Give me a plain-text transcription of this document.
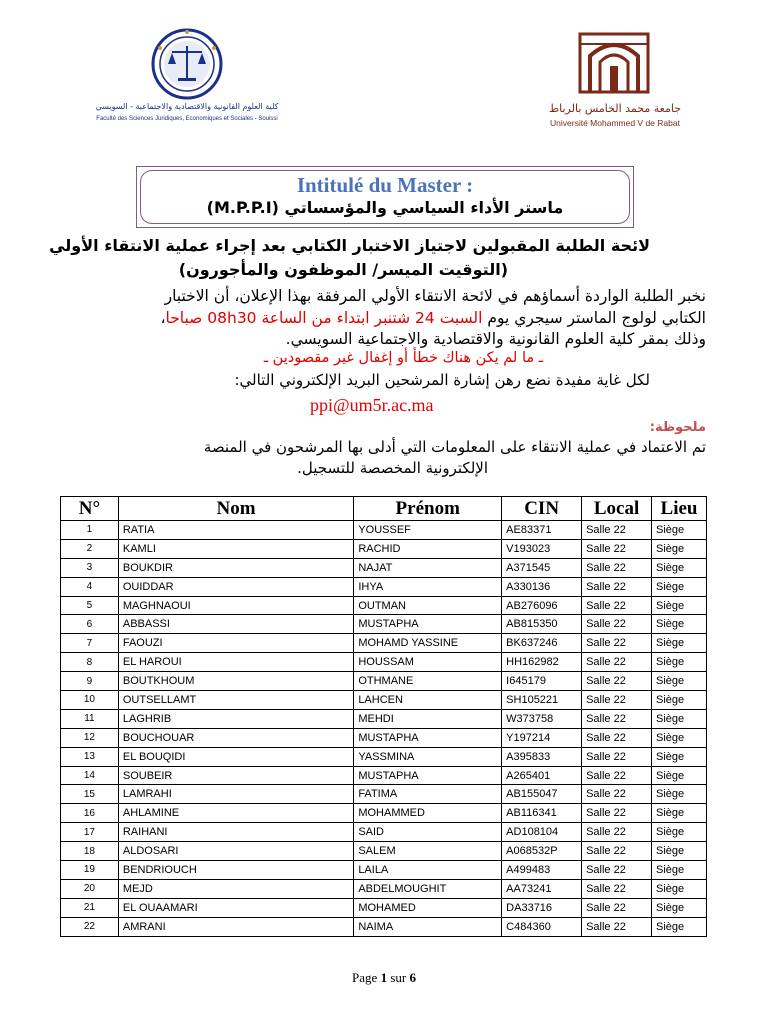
كلية العلوم القانونية والاقتصادية والاجتماعية - السويسي
Faculté des Sciences Juridiques, Economiques et Sociales - Souissi
جامعة محمد الخامس بالرباط
Université Mohammed V de Rabat
Intitulé du Master :
ماستر الأداء السياسي والمؤسساتي (M.P.P.I)
لائحة الطلبة المقبولين لاجتياز الاختبار الكتابي بعد إجراء عملية الانتقاء الأولي
(التوقيت الميسر/ الموظفون والمأجورون)
نخبر الطلبة الواردة أسماؤهم في لائحة الانتقاء الأولي المرفقة بهذا الإعلان، أن الاختبار
الكتابي لولوج الماستر سيجري يوم السبت 24 شتنبر ابتداء من الساعة 08h30 صباحا،
وذلك بمقر كلية العلوم القانونية والاقتصادية والاجتماعية السويسي.
ـ ما لم يكن هناك خطأ أو إغفال غير مقصودين ـ
لكل غاية مفيدة نضع رهن إشارة المرشحين البريد الإلكتروني التالي:
ppi@um5r.ac.ma
ملحوظة:
تم الاعتماد في عملية الانتقاء على المعلومات التي أدلى بها المرشحون في المنصة
الإلكترونية المخصصة للتسجيل.
N°	Nom	Prénom	CIN	Local	Lieu
1	RATIA	YOUSSEF	AE83371	Salle 22	Siège
2	KAMLI	RACHID	V193023	Salle 22	Siège
3	BOUKDIR	NAJAT	A371545	Salle 22	Siège
4	OUIDDAR	IHYA	A330136	Salle 22	Siège
5	MAGHNAOUI	OUTMAN	AB276096	Salle 22	Siège
6	ABBASSI	MUSTAPHA	AB815350	Salle 22	Siège
7	FAOUZI	MOHAMD YASSINE	BK637246	Salle 22	Siège
8	EL HAROUI	HOUSSAM	HH162982	Salle 22	Siège
9	BOUTKHOUM	OTHMANE	I645179	Salle 22	Siège
10	OUTSELLAMT	LAHCEN	SH105221	Salle 22	Siège
11	LAGHRIB	MEHDI	W373758	Salle 22	Siège
12	BOUCHOUAR	MUSTAPHA	Y197214	Salle 22	Siège
13	EL BOUQIDI	YASSMINA	A395833	Salle 22	Siège
14	SOUBEIR	MUSTAPHA	A265401	Salle 22	Siège
15	LAMRAHI	FATIMA	AB155047	Salle 22	Siège
16	AHLAMINE	MOHAMMED	AB116341	Salle 22	Siège
17	RAIHANI	SAID	AD108104	Salle 22	Siège
18	ALDOSARI	SALEM	A068532P	Salle 22	Siège
19	BENDRIOUCH	LAILA	A499483	Salle 22	Siège
20	MEJD	ABDELMOUGHIT	AA73241	Salle 22	Siège
21	EL OUAAMARI	MOHAMED	DA33716	Salle 22	Siège
22	AMRANI	NAIMA	C484360	Salle 22	Siège
Page 1 sur 6
